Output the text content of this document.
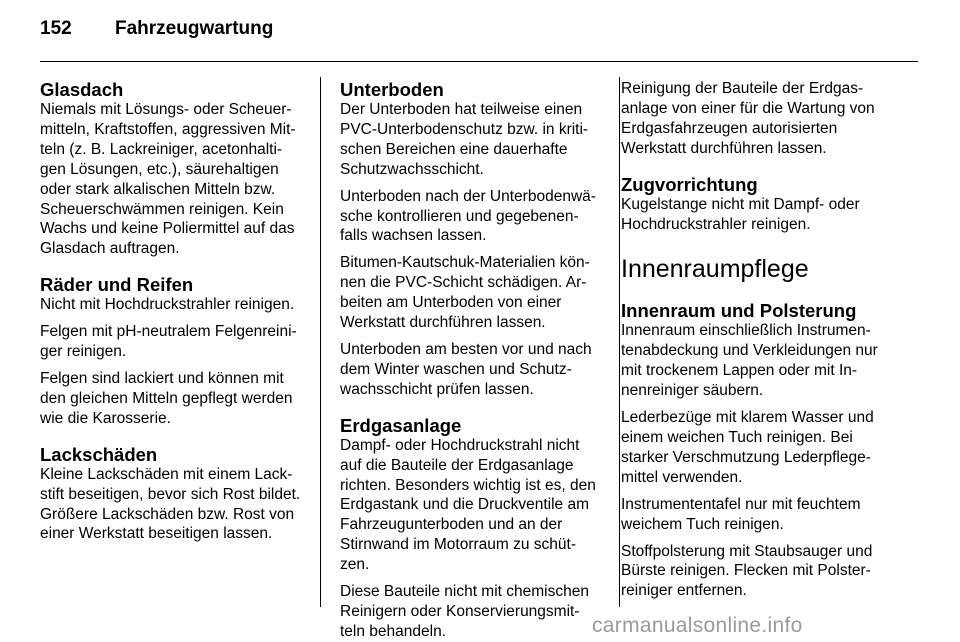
152 Fahrzeugwartung
Glasdach
Niemals mit Lösungs- oder Scheuer-
mitteln, Kraftstoffen, aggressiven Mit-
teln (z. B. Lackreiniger, acetonhalti-
gen Lösungen, etc.), säurehaltigen
oder stark alkalischen Mitteln bzw.
Scheuerschwämmen reinigen. Kein
Wachs und keine Poliermittel auf das
Glasdach auftragen.
Räder und Reifen
Nicht mit Hochdruckstrahler reinigen.
Felgen mit pH-neutralem Felgenreini-
ger reinigen.
Felgen sind lackiert und können mit
den gleichen Mitteln gepflegt werden
wie die Karosserie.
Lackschäden
Kleine Lackschäden mit einem Lack-
stift beseitigen, bevor sich Rost bildet.
Größere Lackschäden bzw. Rost von
einer Werkstatt beseitigen lassen.
Unterboden
Der Unterboden hat teilweise einen
PVC-Unterbodenschutz bzw. in kriti-
schen Bereichen eine dauerhafte
Schutzwachsschicht.
Unterboden nach der Unterbodenwä-
sche kontrollieren und gegebenen-
falls wachsen lassen.
Bitumen-Kautschuk-Materialien kön-
nen die PVC-Schicht schädigen. Ar-
beiten am Unterboden von einer
Werkstatt durchführen lassen.
Unterboden am besten vor und nach
dem Winter waschen und Schutz-
wachsschicht prüfen lassen.
Erdgasanlage
Dampf- oder Hochdruckstrahl nicht
auf die Bauteile der Erdgasanlage
richten. Besonders wichtig ist es, den
Erdgastank und die Druckventile am
Fahrzeugunterboden und an der
Stirnwand im Motorraum zu schüt-
zen.
Diese Bauteile nicht mit chemischen
Reinigern oder Konservierungsmit-
teln behandeln.
Reinigung der Bauteile der Erdgas-
anlage von einer für die Wartung von
Erdgasfahrzeugen autorisierten
Werkstatt durchführen lassen.
Zugvorrichtung
Kugelstange nicht mit Dampf- oder
Hochdruckstrahler reinigen.
Innenraumpflege
Innenraum und Polsterung
Innenraum einschließlich Instrumen-
tenabdeckung und Verkleidungen nur
mit trockenem Lappen oder mit In-
nenreiniger säubern.
Lederbezüge mit klarem Wasser und
einem weichen Tuch reinigen. Bei
starker Verschmutzung Lederpflege-
mittel verwenden.
Instrumententafel nur mit feuchtem
weichem Tuch reinigen.
Stoffpolsterung mit Staubsauger und
Bürste reinigen. Flecken mit Polster-
reiniger entfernen.
carmanualsonline.info
